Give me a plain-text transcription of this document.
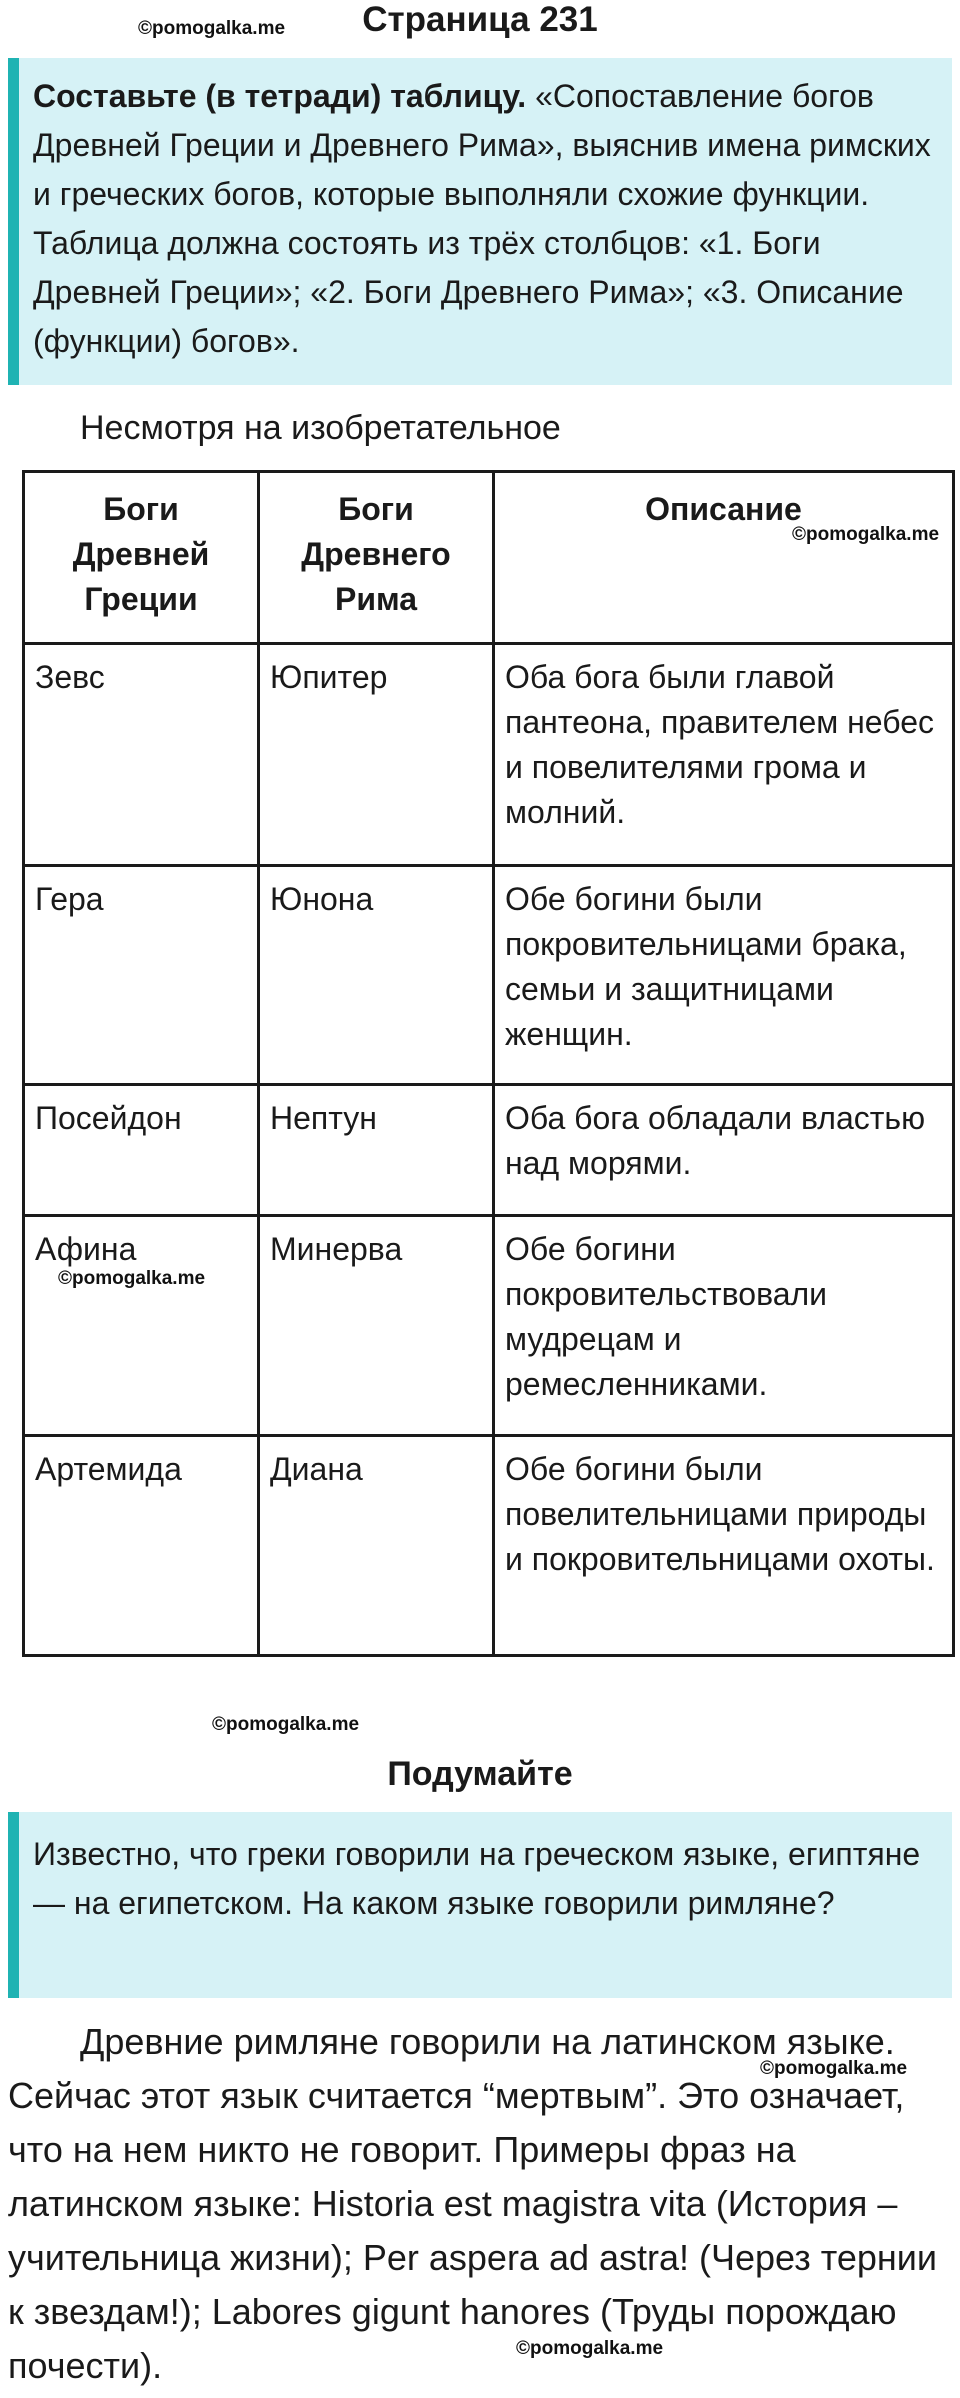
©pomogalka.me	Страница 231
Составьте (в тетради) таблицу. «Сопоставление богов Древней Греции и Древнего Рима», выяснив имена римских и греческих богов, которые выполняли схожие функции. Таблица должна состоять из трёх столбцов: «1. Боги Древней Греции»; «2. Боги Древнего Рима»; «3. Описание (функции) богов».
Несмотря на изобретательное
Боги Древней Греции	Боги Древнего Рима	Описание
Зевс	Юпитер	Оба бога были главой пантеона, правителем небес и повелителями грома и молний.
Гера	Юнона	Обе богини были покровительницами брака, семьи и защитницами женщин.
Посейдон	Нептун	Оба бога обладали властью над морями.
Афина	Минерва	Обе богини покровительствовали мудрецам и ремесленниками.
Артемида	Диана	Обе богини были повелительницами природы и покровительницами охоты.
©pomogalka.me
©pomogalka.me
©pomogalka.me
Подумайте
Известно, что греки говорили на греческом языке, египтяне — на египетском. На каком языке говорили римляне?
Древние римляне говорили на латинском языке. Сейчас этот язык считается “мертвым”. Это означает, что на нем никто не говорит. Примеры фраз на латинском языке: Historia est magistra vita (История – учительница жизни); Per aspera ad astra! (Через тернии к звездам!); Labores gigunt hanores (Труды порождаю почести).
©pomogalka.me
©pomogalka.me
